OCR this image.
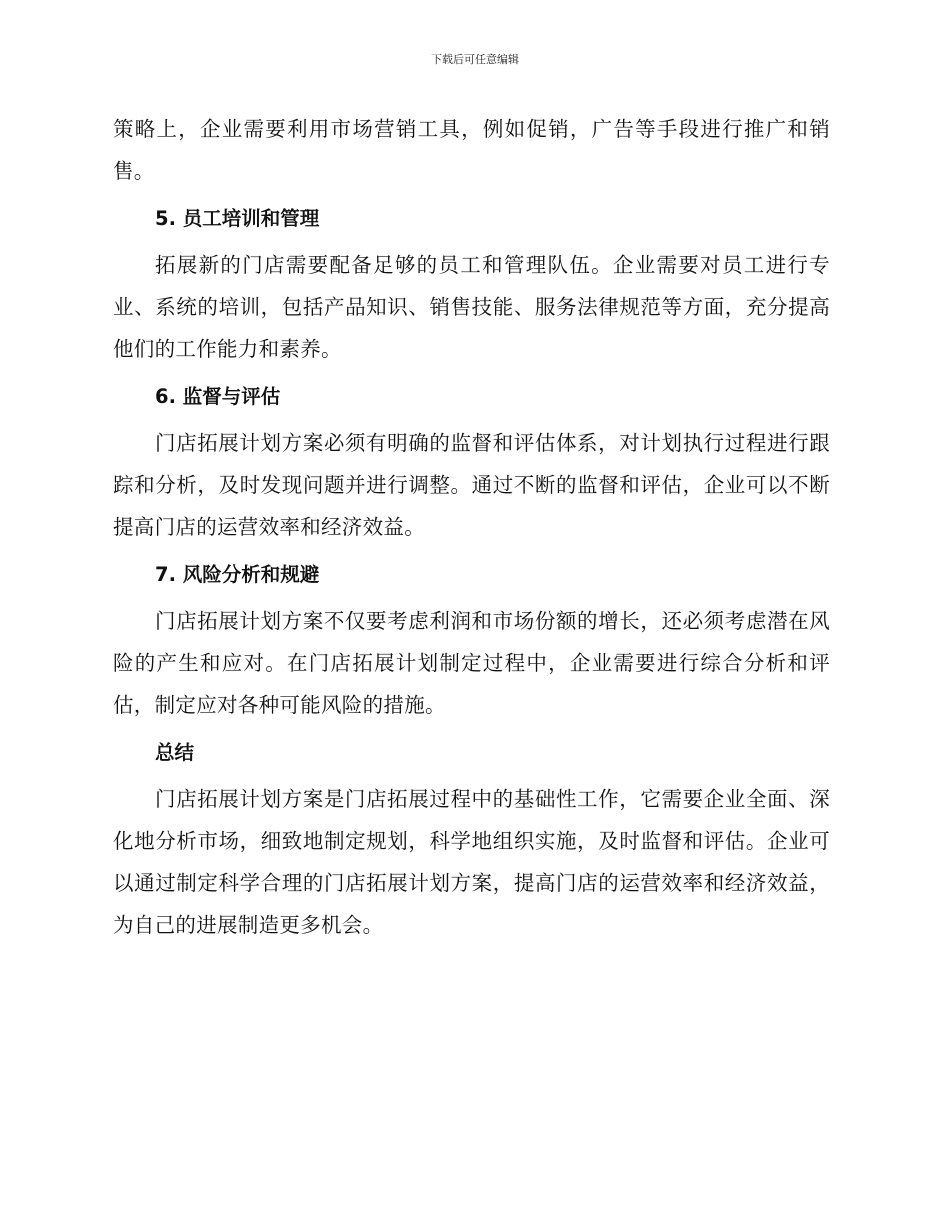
下载后可任意编辑

策略上，企业需要利用市场营销工具，例如促销，广告等手段进行推广和销售。

5. 员工培训和管理

拓展新的门店需要配备足够的员工和管理队伍。企业需要对员工进行专业、系统的培训，包括产品知识、销售技能、服务法律规范等方面，充分提高他们的工作能力和素养。

6. 监督与评估

门店拓展计划方案必须有明确的监督和评估体系，对计划执行过程进行跟踪和分析，及时发现问题并进行调整。通过不断的监督和评估，企业可以不断提高门店的运营效率和经济效益。

7. 风险分析和规避

门店拓展计划方案不仅要考虑利润和市场份额的增长，还必须考虑潜在风险的产生和应对。在门店拓展计划制定过程中，企业需要进行综合分析和评估，制定应对各种可能风险的措施。

总结

门店拓展计划方案是门店拓展过程中的基础性工作，它需要企业全面、深化地分析市场，细致地制定规划，科学地组织实施，及时监督和评估。企业可以通过制定科学合理的门店拓展计划方案，提高门店的运营效率和经济效益，为自己的进展制造更多机会。
